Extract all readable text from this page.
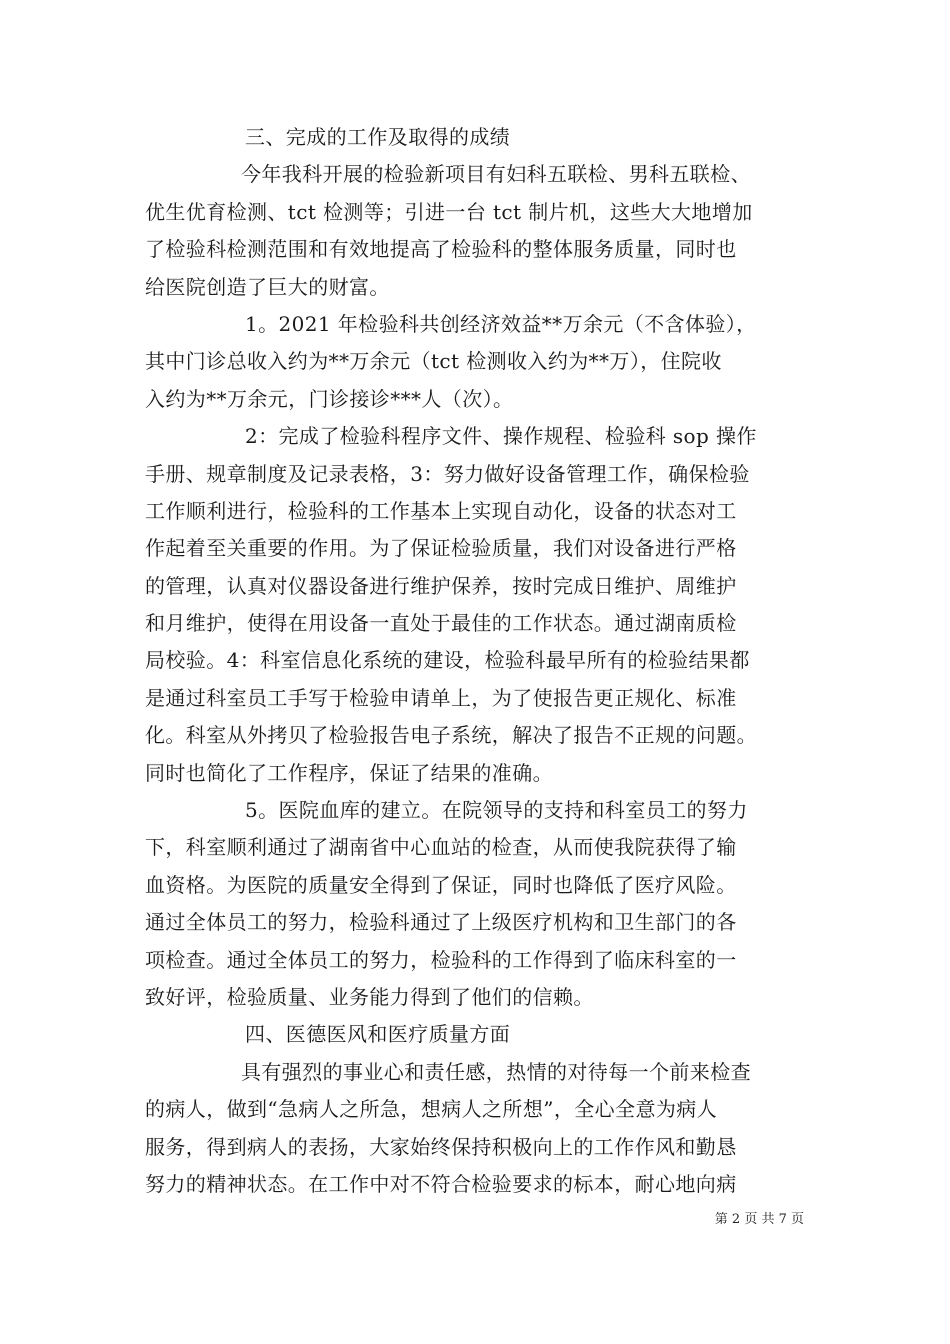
三、完成的工作及取得的成绩
今年我科开展的检验新项目有妇科五联检、男科五联检、
优生优育检测、tct 检测等；引进一台 tct 制片机，这些大大地增加
了检验科检测范围和有效地提高了检验科的整体服务质量，同时也
给医院创造了巨大的财富。
1。2021 年检验科共创经济效益**万余元（不含体验），
其中门诊总收入约为**万余元（tct 检测收入约为**万），住院收
入约为**万余元，门诊接诊***人（次）。
2：完成了检验科程序文件、操作规程、检验科 sop 操作
手册、规章制度及记录表格，3：努力做好设备管理工作，确保检验
工作顺利进行，检验科的工作基本上实现自动化，设备的状态对工
作起着至关重要的作用。为了保证检验质量，我们对设备进行严格
的管理，认真对仪器设备进行维护保养，按时完成日维护、周维护
和月维护，使得在用设备一直处于最佳的工作状态。通过湖南质检
局校验。4：科室信息化系统的建设，检验科最早所有的检验结果都
是通过科室员工手写于检验申请单上，为了使报告更正规化、标准
化。科室从外拷贝了检验报告电子系统，解决了报告不正规的问题。
同时也简化了工作程序，保证了结果的准确。
5。医院血库的建立。在院领导的支持和科室员工的努力
下，科室顺利通过了湖南省中心血站的检查，从而使我院获得了输
血资格。为医院的质量安全得到了保证，同时也降低了医疗风险。
通过全体员工的努力，检验科通过了上级医疗机构和卫生部门的各
项检查。通过全体员工的努力，检验科的工作得到了临床科室的一
致好评，检验质量、业务能力得到了他们的信赖。
四、医德医风和医疗质量方面
具有强烈的事业心和责任感，热情的对待每一个前来检查
的病人，做到“急病人之所急，想病人之所想”，全心全意为病人
服务，得到病人的表扬，大家始终保持积极向上的工作作风和勤恳
努力的精神状态。在工作中对不符合检验要求的标本，耐心地向病
第 2 页 共 7 页
